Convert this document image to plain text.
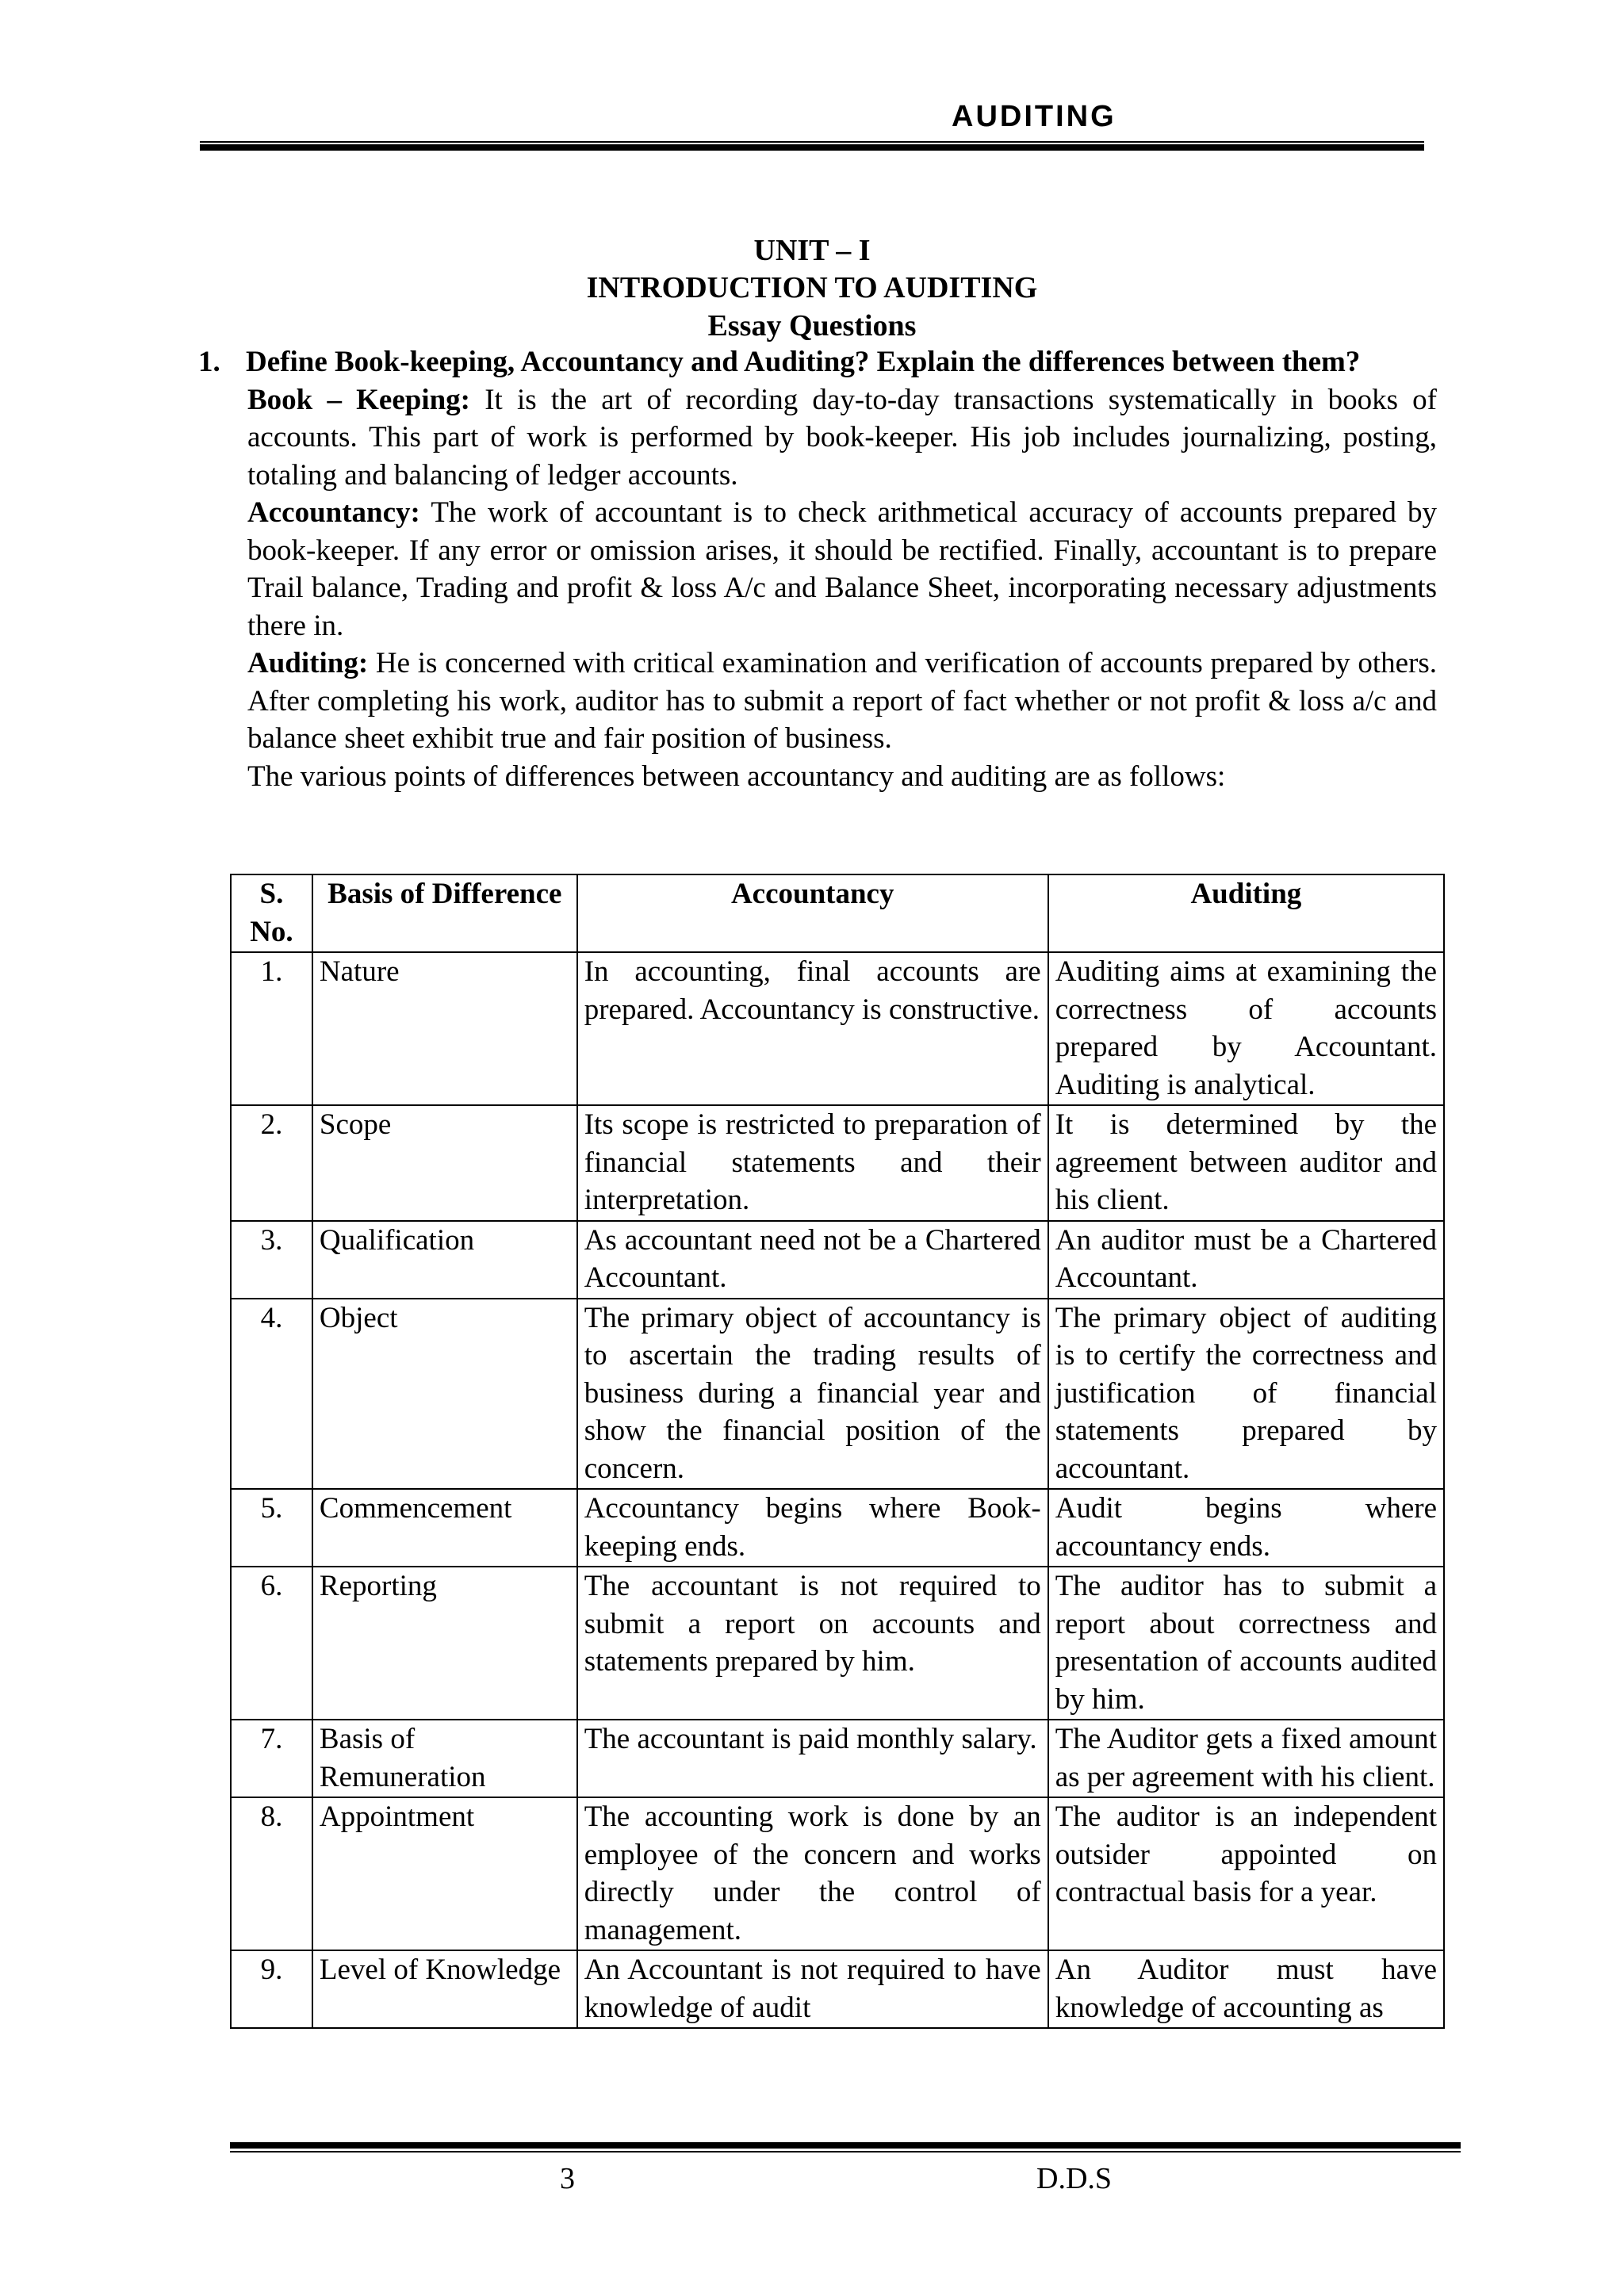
AUDITING
UNIT – I
INTRODUCTION TO AUDITING
Essay Questions
1. Define Book-keeping, Accountancy and Auditing? Explain the differences between them?

Book – Keeping: It is the art of recording day-to-day transactions systematically in books of accounts. This part of work is performed by book-keeper. His job includes journalizing, posting, totaling and balancing of ledger accounts.

Accountancy: The work of accountant is to check arithmetical accuracy of accounts prepared by book-keeper. If any error or omission arises, it should be rectified. Finally, accountant is to prepare Trail balance, Trading and profit & loss A/c and Balance Sheet, incorporating necessary adjustments there in.

Auditing: He is concerned with critical examination and verification of accounts prepared by others. After completing his work, auditor has to submit a report of fact whether or not profit & loss a/c and balance sheet exhibit true and fair position of business.

The various points of differences between accountancy and auditing are as follows:

S. No.	Basis of Difference	Accountancy	Auditing
1.	Nature	In accounting, final accounts are prepared. Accountancy is constructive.	Auditing aims at examining the correctness of accounts prepared by Accountant. Auditing is analytical.
2.	Scope	Its scope is restricted to preparation of financial statements and their interpretation.	It is determined by the agreement between auditor and his client.
3.	Qualification	As accountant need not be a Chartered Accountant.	An auditor must be a Chartered Accountant.
4.	Object	The primary object of accountancy is to ascertain the trading results of business during a financial year and show the financial position of the concern.	The primary object of auditing is to certify the correctness and justification of financial statements prepared by accountant.
5.	Commencement	Accountancy begins where Book-keeping ends.	Audit begins where accountancy ends.
6.	Reporting	The accountant is not required to submit a report on accounts and statements prepared by him.	The auditor has to submit a report about correctness and presentation of accounts audited by him.
7.	Basis of Remuneration	The accountant is paid monthly salary.	The Auditor gets a fixed amount as per agreement with his client.
8.	Appointment	The accounting work is done by an employee of the concern and works directly under the control of management.	The auditor is an independent outsider appointed on contractual basis for a year.
9.	Level of Knowledge	An Accountant is not required to have knowledge of audit	An Auditor must have knowledge of accounting as
3	D.D.S
